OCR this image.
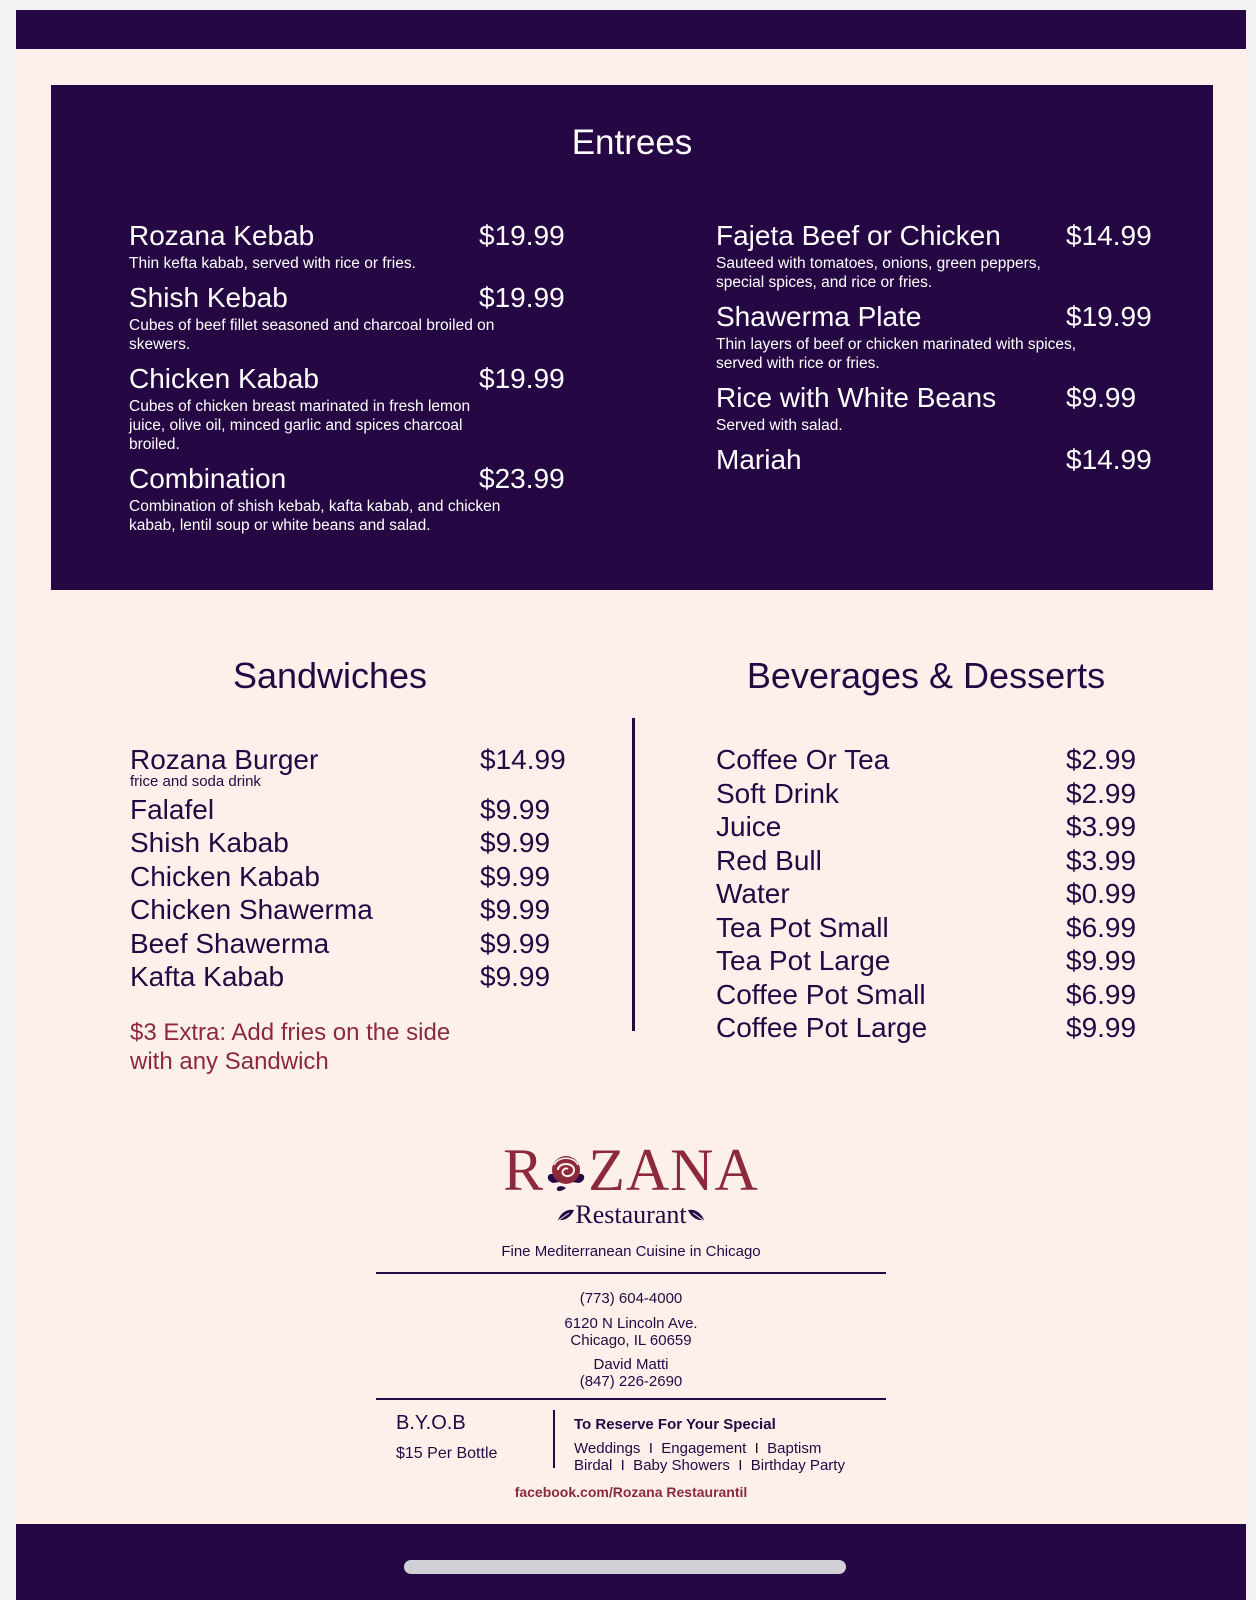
Entrees
Rozana Kebab	$19.99
Thin kefta kabab, served with rice or fries.
Shish Kebab	$19.99
Cubes of beef fillet seasoned and charcoal broiled on skewers.
Chicken Kabab	$19.99
Cubes of chicken breast marinated in fresh lemon juice, olive oil, minced garlic and spices charcoal broiled.
Combination	$23.99
Combination of shish kebab, kafta kabab, and chicken kabab, lentil soup or white beans and salad.
Fajeta Beef or Chicken $14.99
Sauteed with tomatoes, onions, green peppers, special spices, and rice or fries.
Shawerma Plate	$19.99
Thin layers of beef or chicken marinated with spices, served with rice or fries.
Rice with White Beans $9.99
Served with salad.
Mariah	$14.99
Sandwiches
Rozana Burger	$14.99
frice and soda drink
Falafel	$9.99
Shish Kabab	$9.99
Chicken Kabab	$9.99
Chicken Shawerma	$9.99
Beef Shawerma	$9.99
Kafta Kabab	$9.99
$3 Extra: Add fries on the side with any Sandwich
Beverages & Desserts
Coffee Or Tea	$2.99
Soft Drink	$2.99
Juice	$3.99
Red Bull	$3.99
Water	$0.99
Tea Pot Small	$6.99
Tea Pot Large	$9.99
Coffee Pot Small	$6.99
Coffee Pot Large	$9.99
R ZANA
Restaurant
Fine Mediterranean Cuisine in Chicago
(773) 604-4000
6120 N Lincoln Ave.
Chicago, IL 60659
David Matti
(847) 226-2690
B.Y.O.B
$15 Per Bottle
To Reserve For Your Special
Weddings  I  Engagement  I  Baptism
Birdal  I  Baby Showers  I  Birthday Party
facebook.com/Rozana Restaurantil
